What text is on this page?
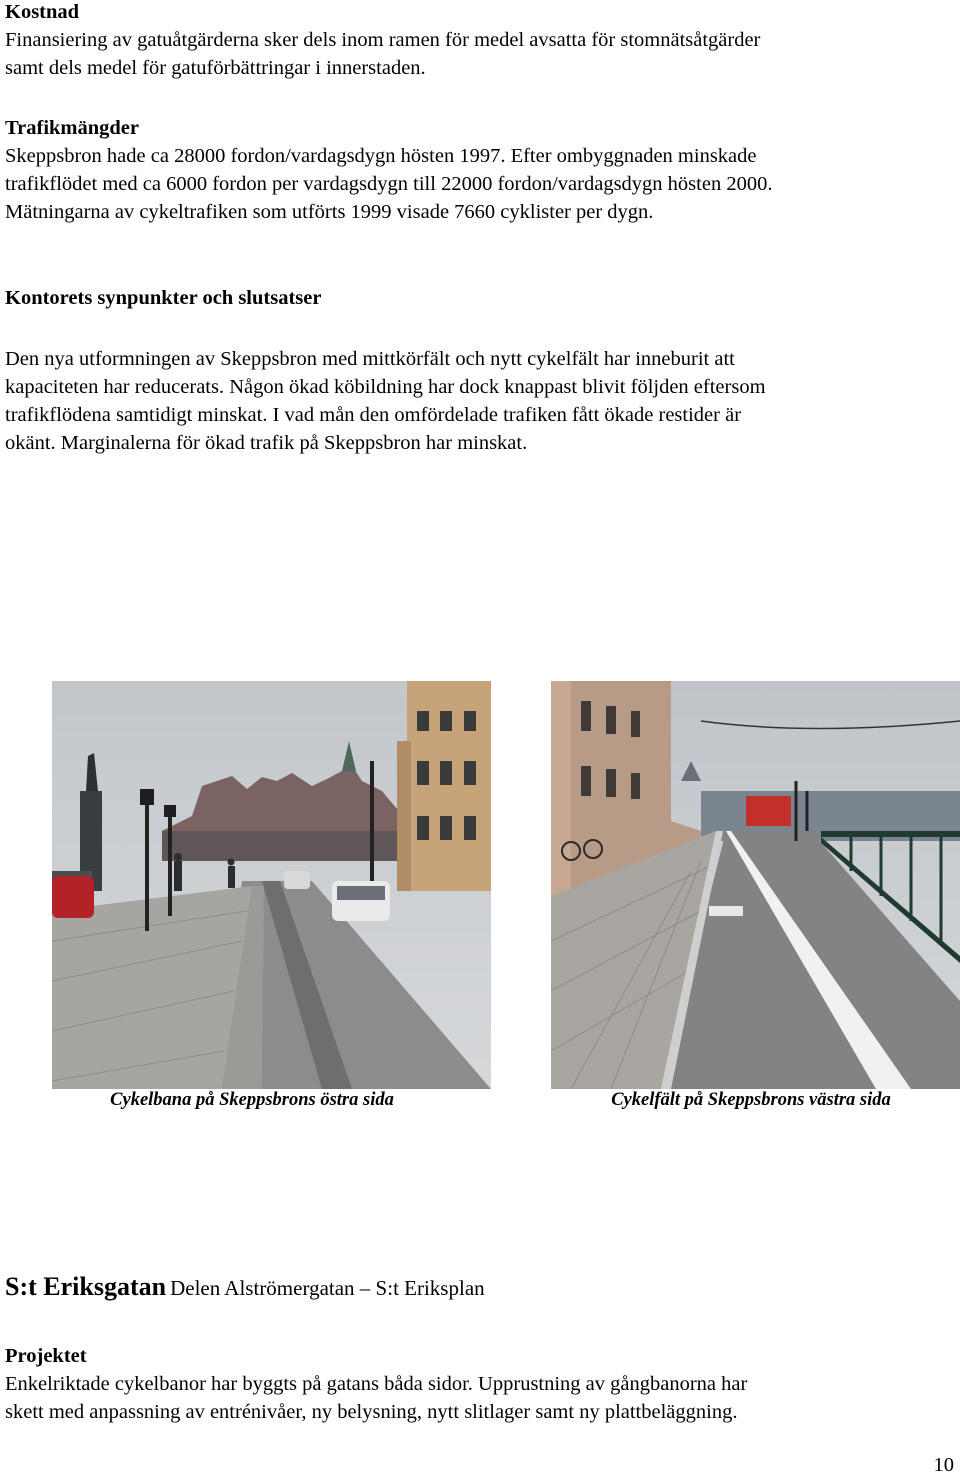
Kostnad
Finansiering av gatuåtgärderna sker dels inom ramen för medel avsatta för stomnätsåtgärder
samt dels medel för gatuförbättringar i innerstaden.
Trafikmängder
Skeppsbron hade ca 28000 fordon/vardagsdygn hösten 1997. Efter ombyggnaden minskade
trafikflödet med ca 6000 fordon per vardagsdygn till 22000 fordon/vardagsdygn hösten 2000.
Mätningarna av cykeltrafiken som utförts 1999 visade 7660 cyklister per dygn.
Kontorets synpunkter och slutsatser
Den nya utformningen av Skeppsbron med mittkörfält och nytt cykelfält har inneburit att
kapaciteten har reducerats. Någon ökad köbildning har dock knappast blivit följden eftersom
trafikflödena samtidigt minskat. I vad mån den omfördelade trafiken fått ökade restider är
okänt. Marginalerna för ökad trafik på Skeppsbron har minskat.
Cykelbana på Skeppsbrons östra sida	Cykelfält på Skeppsbrons västra sida
S:t Eriksgatan Delen Alströmergatan – S:t Eriksplan
Projektet
Enkelriktade cykelbanor har byggts på gatans båda sidor. Upprustning av gångbanorna har
skett med anpassning av entrénivåer, ny belysning, nytt slitlager samt ny plattbeläggning.
10
